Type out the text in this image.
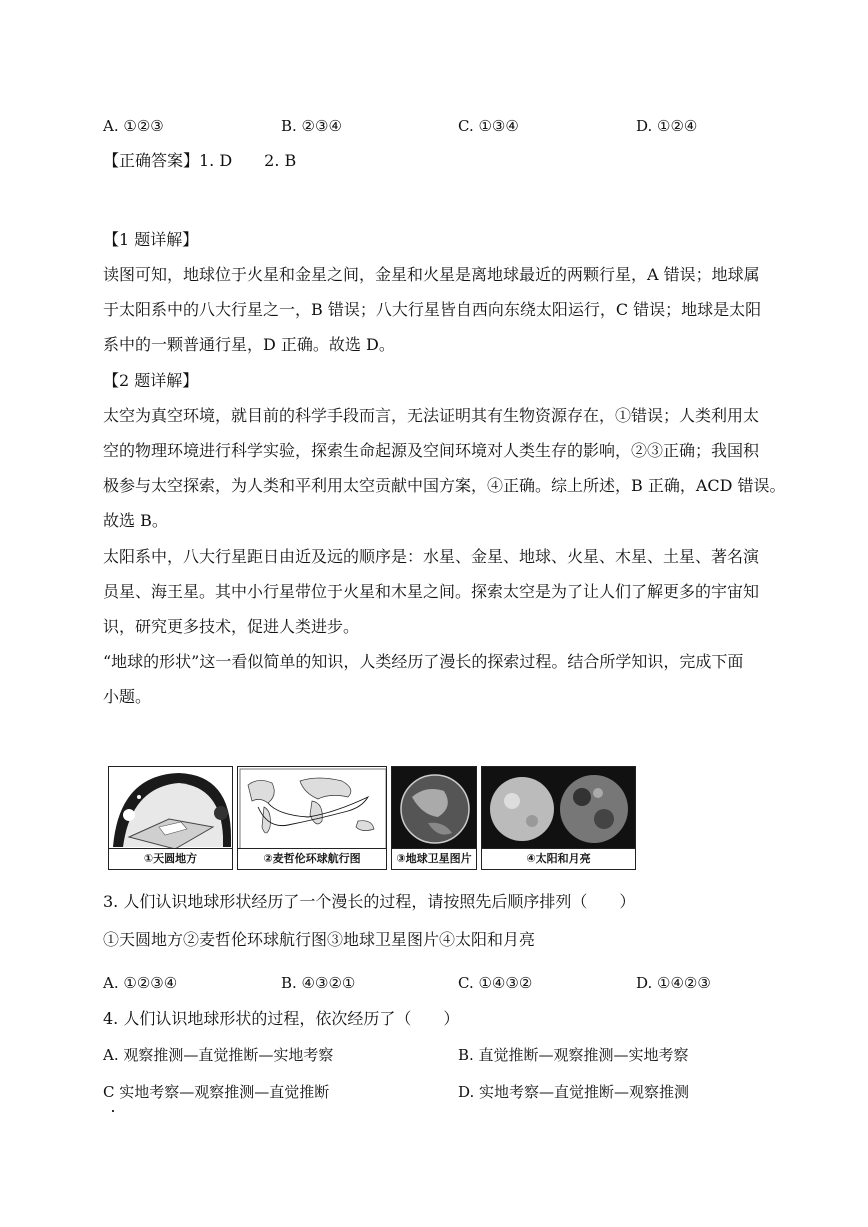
A. ①②③	B. ②③④	C. ①③④	D. ①②④
【正确答案】1. D　　2. B
【1 题详解】
读图可知，地球位于火星和金星之间，金星和火星是离地球最近的两颗行星，A 错误；地球属
于太阳系中的八大行星之一，B 错误；八大行星皆自西向东绕太阳运行，C 错误；地球是太阳
系中的一颗普通行星，D 正确。故选 D。
【2 题详解】
太空为真空环境，就目前的科学手段而言，无法证明其有生物资源存在，①错误；人类利用太
空的物理环境进行科学实验，探索生命起源及空间环境对人类生存的影响，②③正确；我国积
极参与太空探索，为人类和平利用太空贡献中国方案，④正确。综上所述，B 正确，ACD 错误。
故选 B。
太阳系中，八大行星距日由近及远的顺序是：水星、金星、地球、火星、木星、土星、著名演
员星、海王星。其中小行星带位于火星和木星之间。探索太空是为了让人们了解更多的宇宙知
识，研究更多技术，促进人类进步。
“地球的形状”这一看似简单的知识，人类经历了漫长的探索过程。结合所学知识，完成下面
小题。
①天圆地方	②麦哲伦环球航行图	③地球卫星图片	④太阳和月亮
3. 人们认识地球形状经历了一个漫长的过程，请按照先后顺序排列（　　）
①天圆地方②麦哲伦环球航行图③地球卫星图片④太阳和月亮
A. ①②③④	B. ④③②①	C. ①④③②	D. ①④②③
4. 人们认识地球形状的过程，依次经历了（　　）
A. 观察推测—直觉推断—实地考察	B. 直觉推断—观察推测—实地考察
C 实地考察—观察推测—直觉推断	D. 实地考察—直觉推断—观察推测
